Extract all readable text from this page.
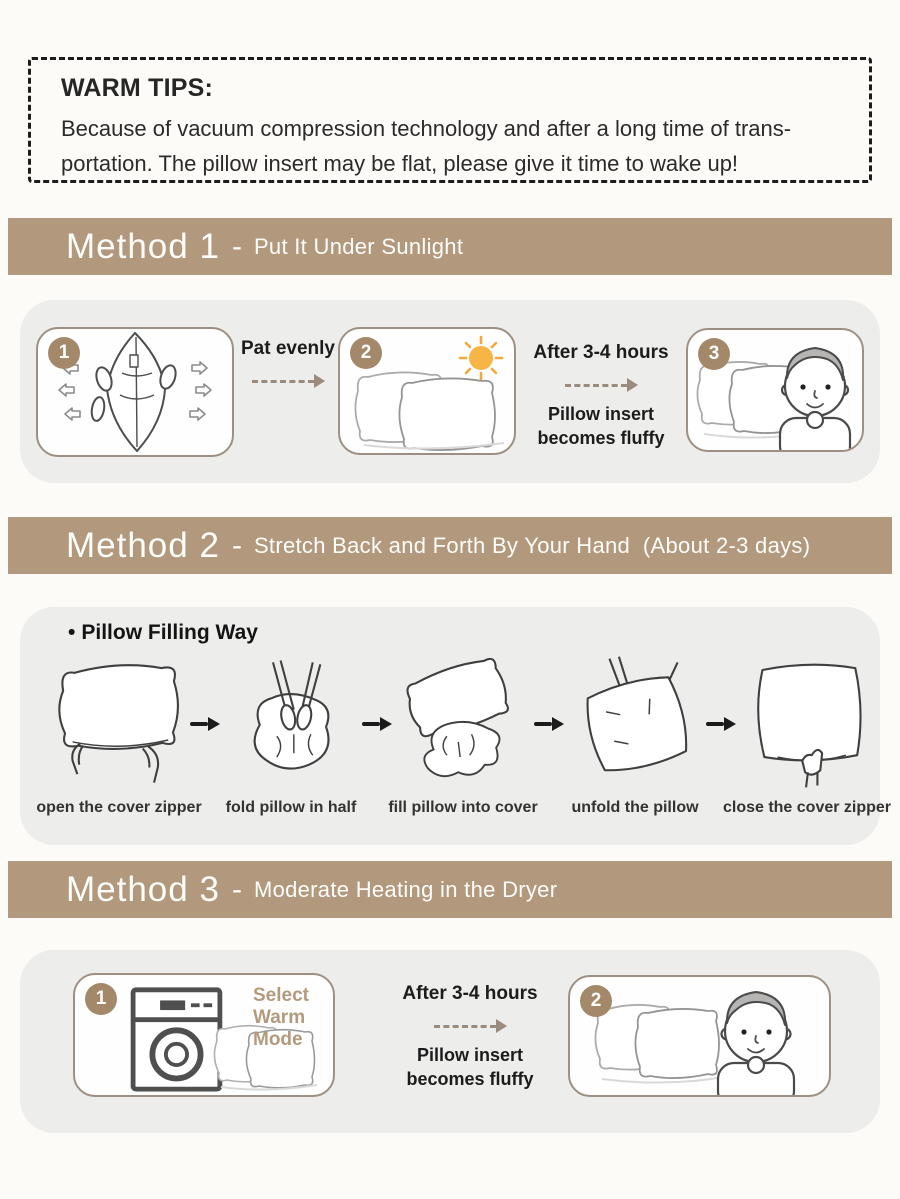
WARM TIPS:

Because of vacuum compression technology and after a long time of trans-

portation. The pillow insert may be flat, please give it time to wake up!

Method 1 - Put It Under Sunlight
1	Pat evenly	2	After 3-4 hours
Pillow insert
becomes fluffy
3
Method 2 - Stretch Back and Forth By Your Hand  (About 2-3 days)
• Pillow Filling Way
open the cover zipper fold pillow in half fill pillow into cover unfold the pillow close the cover zipper
Method 3 - Moderate Heating in the Dryer
1	Select Warm Mode
After 3-4 hours
Pillow insert
becomes fluffy
2
